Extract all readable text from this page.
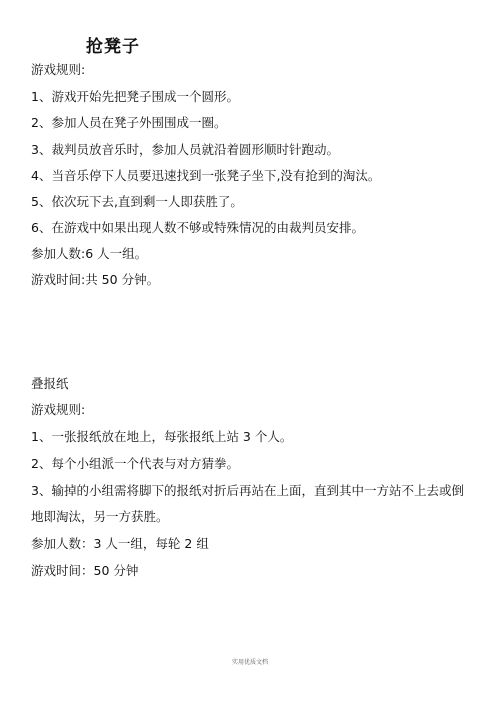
抢凳子
游戏规则:
1、游戏开始先把凳子围成一个圆形。
2、参加人员在凳子外围围成一圈。
3、裁判员放音乐时，参加人员就沿着圆形顺时针跑动。
4、当音乐停下人员要迅速找到一张凳子坐下,没有抢到的淘汰。
5、依次玩下去,直到剩一人即获胜了。
6、在游戏中如果出现人数不够或特殊情况的由裁判员安排。
参加人数:6 人一组。
游戏时间:共 50 分钟。
叠报纸
游戏规则:
1、一张报纸放在地上，每张报纸上站 3 个人。
2、每个小组派一个代表与对方猜拳。
3、输掉的小组需将脚下的报纸对折后再站在上面，直到其中一方站不上去或倒
地即淘汰，另一方获胜。
参加人数：3 人一组，每轮 2 组
游戏时间：50 分钟
实用优质文档
